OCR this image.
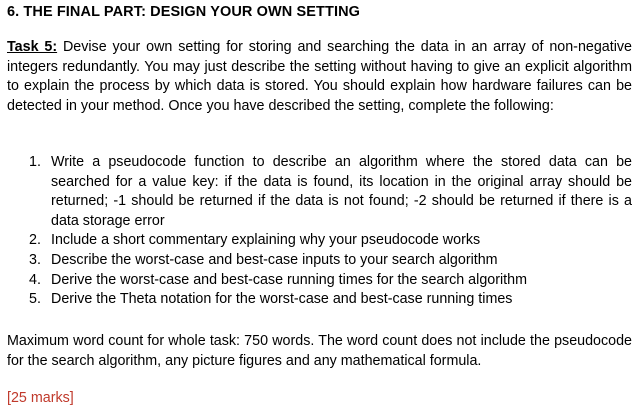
6. THE FINAL PART: DESIGN YOUR OWN SETTING
Task 5: Devise your own setting for storing and searching the data in an array of non-negative integers redundantly. You may just describe the setting without having to give an explicit algorithm to explain the process by which data is stored. You should explain how hardware failures can be detected in your method. Once you have described the setting, complete the following:
1. Write a pseudocode function to describe an algorithm where the stored data can be searched for a value key: if the data is found, its location in the original array should be returned; -1 should be returned if the data is not found; -2 should be returned if there is a data storage error
2. Include a short commentary explaining why your pseudocode works
3. Describe the worst-case and best-case inputs to your search algorithm
4. Derive the worst-case and best-case running times for the search algorithm
5. Derive the Theta notation for the worst-case and best-case running times
Maximum word count for whole task: 750 words. The word count does not include the pseudocode for the search algorithm, any picture figures and any mathematical formula.
[25 marks]
